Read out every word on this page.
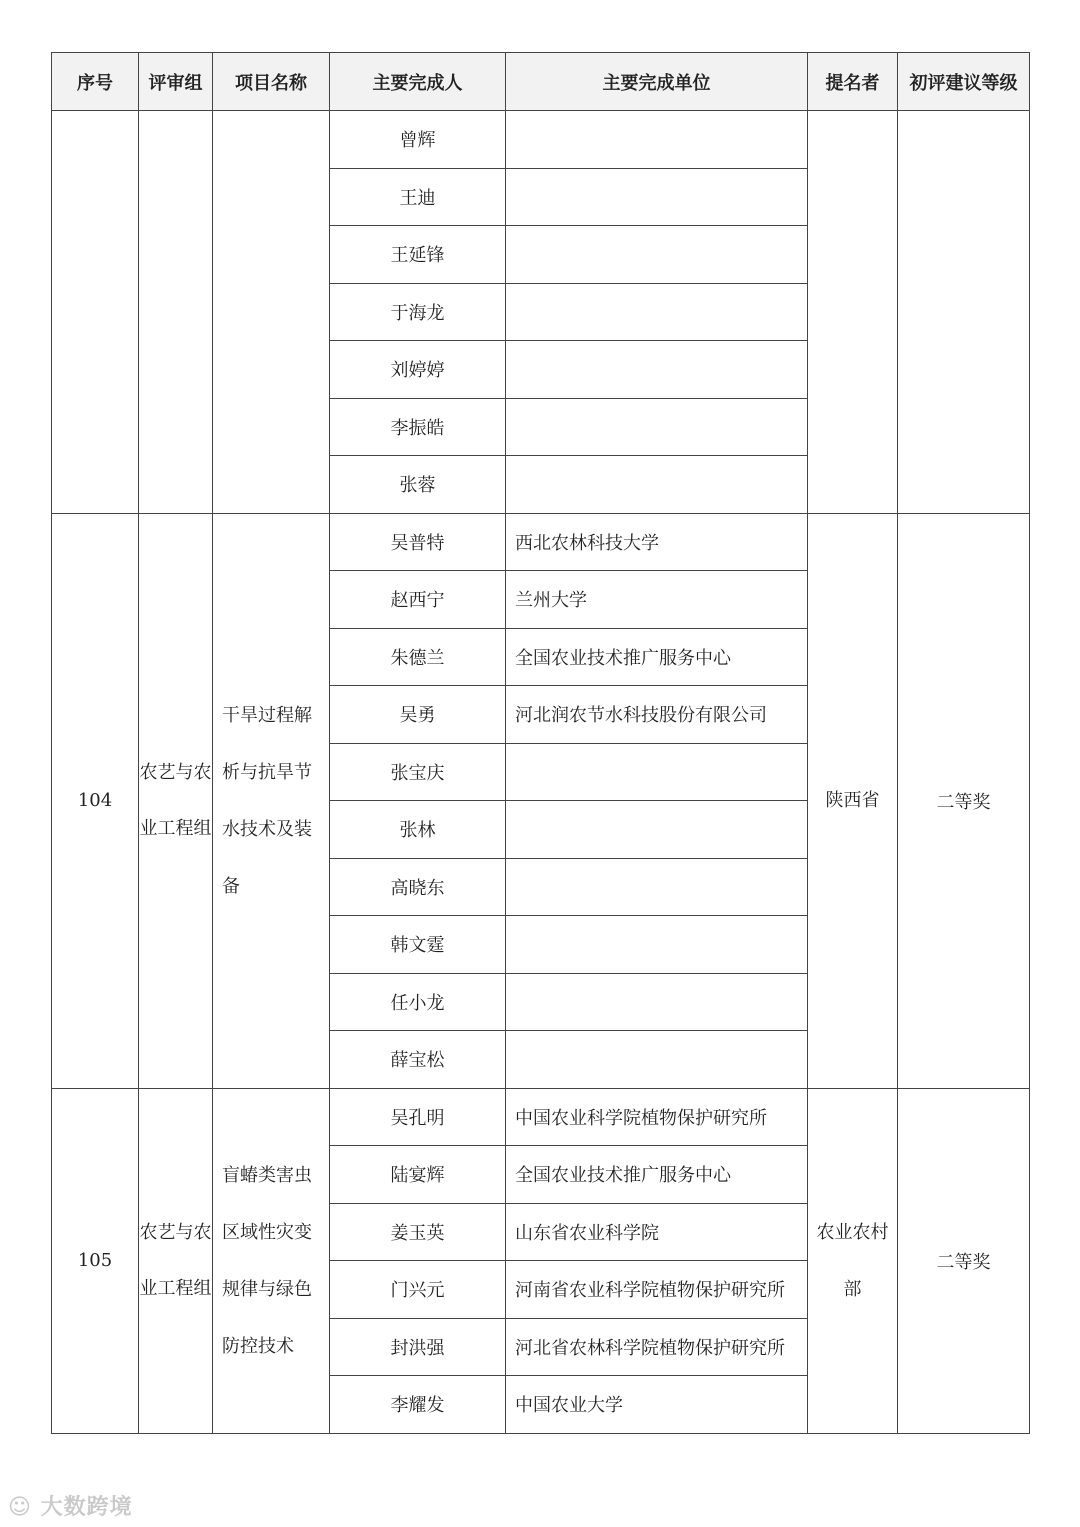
序号	评审组	项目名称	主要完成人	主要完成单位	提名者	初评建议等级
			曾辉			
			王迪			
			王延锋			
			于海龙			
			刘婷婷			
			李振皓			
			张蓉			
104	农艺与农业工程组	干旱过程解析与抗旱节水技术及装备	吴普特	西北农林科技大学	陕西省	二等奖
			赵西宁	兰州大学		
			朱德兰	全国农业技术推广服务中心		
			吴勇	河北润农节水科技股份有限公司		
			张宝庆			
			张林			
			高晓东			
			韩文霆			
			任小龙			
			薛宝松			
105	农艺与农业工程组	盲蝽类害虫区域性灾变规律与绿色防控技术	吴孔明	中国农业科学院植物保护研究所	农业农村部	二等奖
			陆宴辉	全国农业技术推广服务中心		
			姜玉英	山东省农业科学院		
			门兴元	河南省农业科学院植物保护研究所		
			封洪强	河北省农林科学院植物保护研究所		
			李耀发	中国农业大学		
☺ 大数跨境
